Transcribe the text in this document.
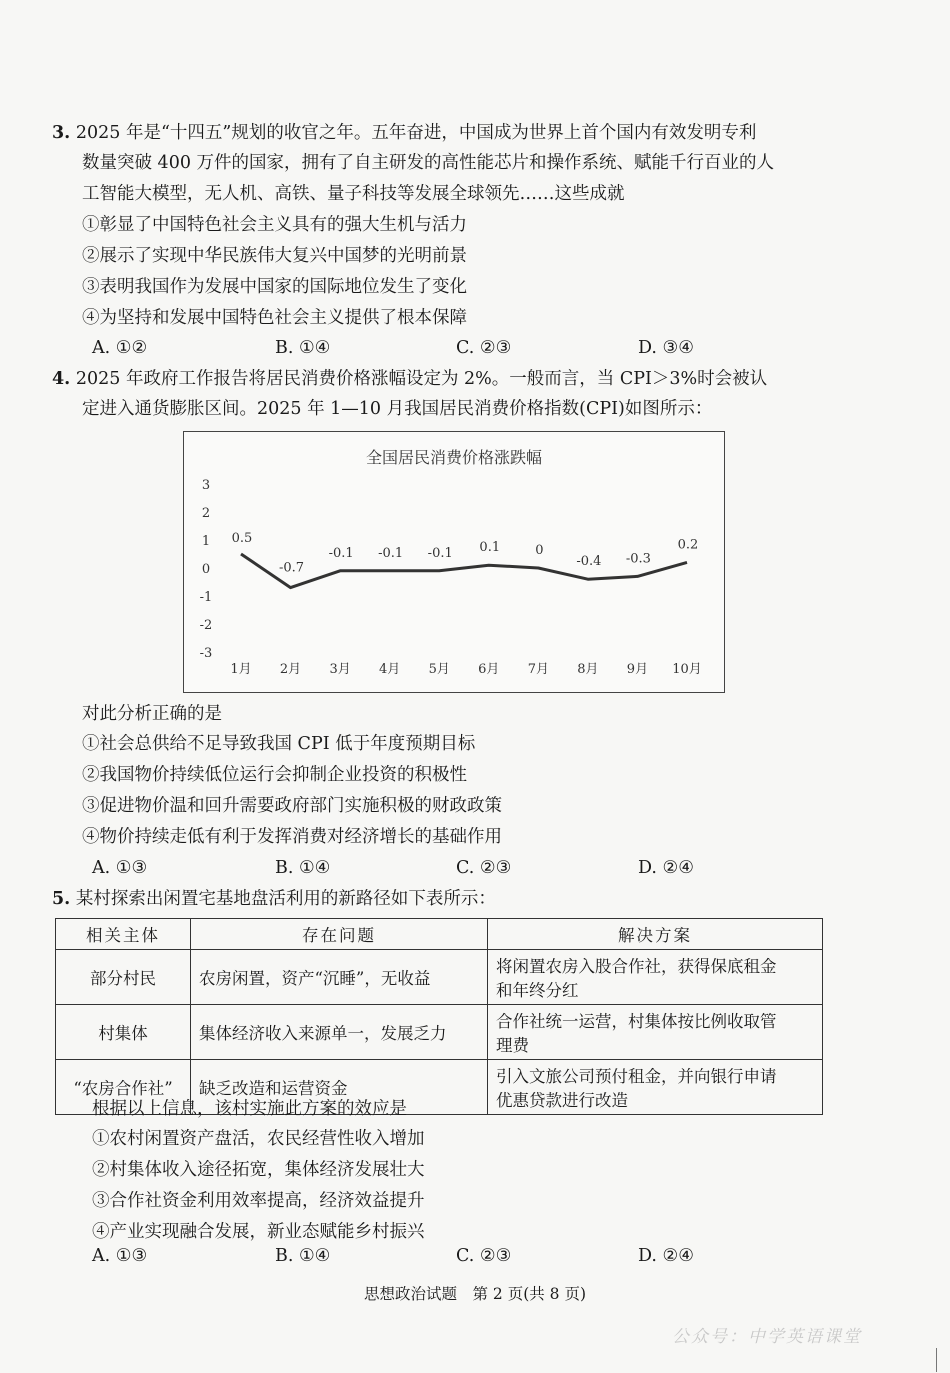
3. 2025 年是“十四五”规划的收官之年。五年奋进，中国成为世界上首个国内有效发明专利
数量突破 400 万件的国家，拥有了自主研发的高性能芯片和操作系统、赋能千行百业的人
工智能大模型，无人机、高铁、量子科技等发展全球领先……这些成就
①彰显了中国特色社会主义具有的强大生机与活力
②展示了实现中华民族伟大复兴中国梦的光明前景
③表明我国作为发展中国家的国际地位发生了变化
④为坚持和发展中国特色社会主义提供了根本保障
A. ①②	B. ①④	C. ②③	D. ③④
4. 2025 年政府工作报告将居民消费价格涨幅设定为 2%。一般而言，当 CPI＞3%时会被认
定进入通货膨胀区间。2025 年 1—10 月我国居民消费价格指数(CPI)如图所示：
全国居民消费价格涨跌幅
3
2
1
0
-1
-2
-3
1月 2月 3月 4月 5月 6月 7月 8月 9月 10月
0.5
-0.7
-0.1 -0.1 -0.1 0.1	0
-0.4 -0.3
0.2
对此分析正确的是
①社会总供给不足导致我国 CPI 低于年度预期目标
②我国物价持续低位运行会抑制企业投资的积极性
③促进物价温和回升需要政府部门实施积极的财政政策
④物价持续走低有利于发挥消费对经济增长的基础作用
A. ①③	B. ①④	C. ②③	D. ②④
5. 某村探索出闲置宅基地盘活利用的新路径如下表所示：
相关主体	存在问题	解决方案
部分村民	农房闲置，资产“沉睡”，无收益	将闲置农房入股合作社，获得保底租金
和年终分红

村集体	集体经济收入来源单一，发展乏力	合作社统一运营，村集体按比例收取管
理费

“农房合作社”	缺乏改造和运营资金	引入文旅公司预付租金，并向银行申请
优惠贷款进行改造
根据以上信息，该村实施此方案的效应是
①农村闲置资产盘活，农民经营性收入增加
②村集体收入途径拓宽，集体经济发展壮大
③合作社资金利用效率提高，经济效益提升
④产业实现融合发展，新业态赋能乡村振兴
A. ①③	B. ①④	C. ②③	D. ②④
思想政治试题　第 2 页(共 8 页)
公众号：中学英语课堂
